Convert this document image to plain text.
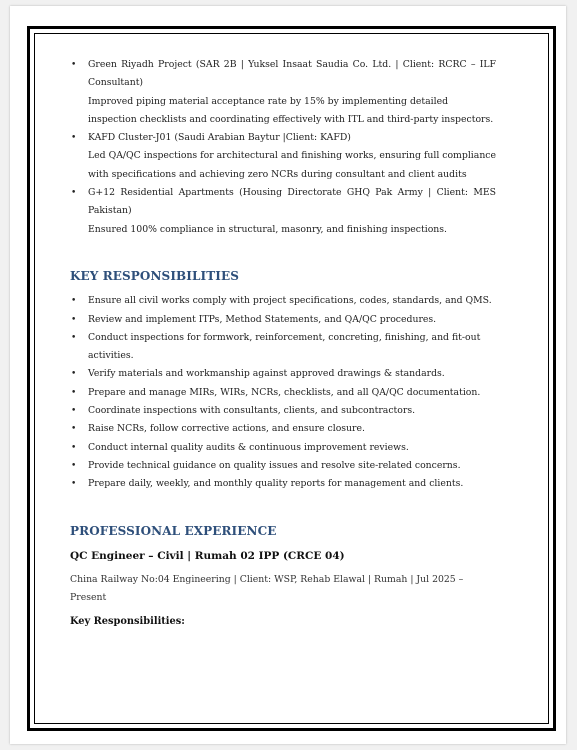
• Green Riyadh Project (SAR 2B | Yuksel Insaat Saudia Co. Ltd. | Client: RCRC – ILF Consultant)
Improved piping material acceptance rate by 15% by implementing detailed inspection checklists and coordinating effectively with ITL and third-party inspectors.
• KAFD Cluster-J01 (Saudi Arabian Baytur |Client: KAFD)
Led QA/QC inspections for architectural and finishing works, ensuring full compliance with specifications and achieving zero NCRs during consultant and client audits
• G+12 Residential Apartments (Housing Directorate GHQ Pak Army | Client: MES Pakistan)
Ensured 100% compliance in structural, masonry, and finishing inspections.
KEY RESPONSIBILITIES
• Ensure all civil works comply with project specifications, codes, standards, and QMS.
• Review and implement ITPs, Method Statements, and QA/QC procedures.
• Conduct inspections for formwork, reinforcement, concreting, finishing, and fit-out activities.
• Verify materials and workmanship against approved drawings & standards.
• Prepare and manage MIRs, WIRs, NCRs, checklists, and all QA/QC documentation.
• Coordinate inspections with consultants, clients, and subcontractors.
• Raise NCRs, follow corrective actions, and ensure closure.
• Conduct internal quality audits & continuous improvement reviews.
• Provide technical guidance on quality issues and resolve site-related concerns.
• Prepare daily, weekly, and monthly quality reports for management and clients.
PROFESSIONAL EXPERIENCE
QC Engineer – Civil | Rumah 02 IPP (CRCE 04)
China Railway No:04 Engineering | Client: WSP, Rehab Elawal | Rumah | Jul 2025 – Present
Key Responsibilities:
